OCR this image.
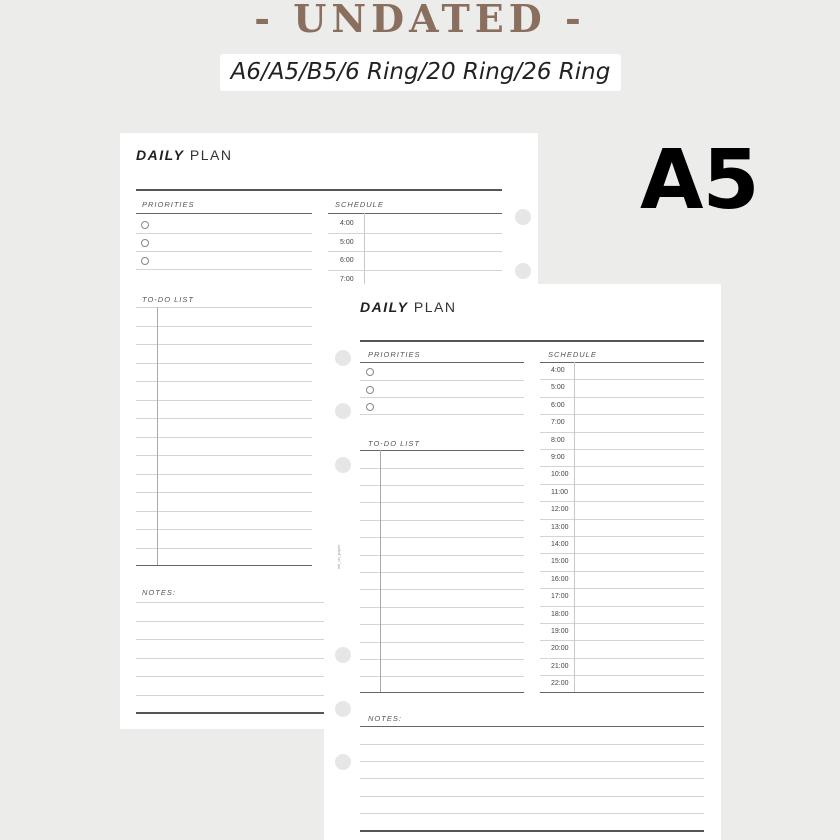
- UNDATED -
A6/A5/B5/6 Ring/20 Ring/26 Ring
A5
DAILY PLAN
PRIORITIES	SCHEDULE
4:00
5:00
6:00
7:00
TO-DO LIST
NOTES:
ink_on_paper
DAILY PLAN
PRIORITIES	SCHEDULE
TO-DO LIST
4:00
5:00
6:00
7:00
8:00
9:00
10:00
11:00
12:00
13:00
14:00
15:00
16:00
17:00
18:00
19:00
20:00
21:00
22:00
NOTES:
